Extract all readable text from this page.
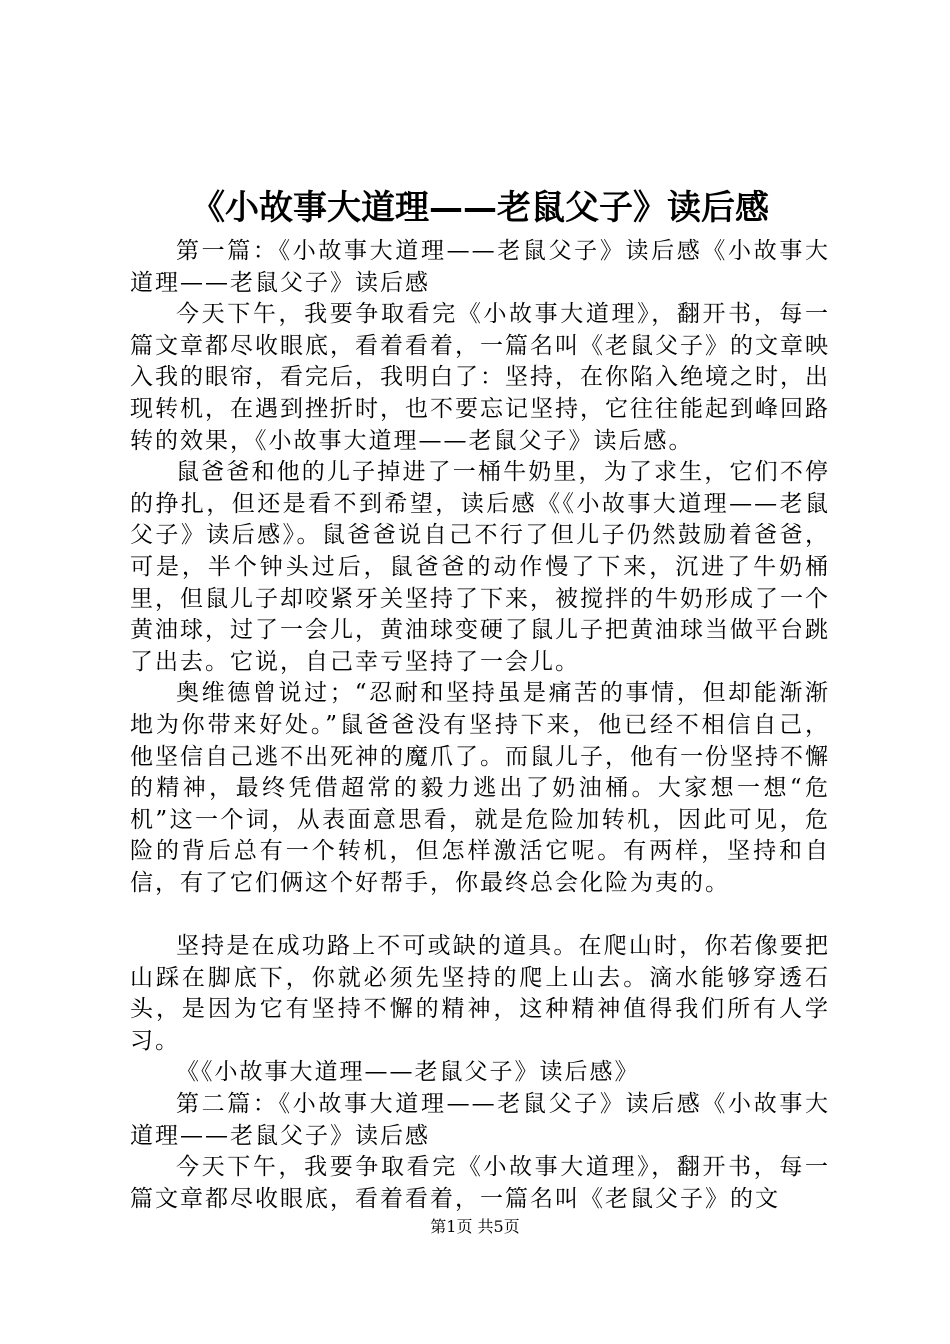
《小故事大道理——老鼠父子》读后感

第一篇：《小故事大道理——老鼠父子》读后感《小故事大道理——老鼠父子》读后感

今天下午，我要争取看完《小故事大道理》，翻开书，每一篇文章都尽收眼底，看着看着，一篇名叫《老鼠父子》的文章映入我的眼帘，看完后，我明白了：坚持，在你陷入绝境之时，出现转机，在遇到挫折时，也不要忘记坚持，它往往能起到峰回路转的效果，《小故事大道理——老鼠父子》读后感。

鼠爸爸和他的儿子掉进了一桶牛奶里，为了求生，它们不停的挣扎，但还是看不到希望，读后感《《小故事大道理——老鼠父子》读后感》。鼠爸爸说自己不行了但儿子仍然鼓励着爸爸，可是，半个钟头过后，鼠爸爸的动作慢了下来，沉进了牛奶桶里，但鼠儿子却咬紧牙关坚持了下来，被搅拌的牛奶形成了一个黄油球，过了一会儿，黄油球变硬了鼠儿子把黄油球当做平台跳了出去。它说，自己幸亏坚持了一会儿。

奥维德曾说过；“忍耐和坚持虽是痛苦的事情，但却能渐渐地为你带来好处。”鼠爸爸没有坚持下来，他已经不相信自己，他坚信自己逃不出死神的魔爪了。而鼠儿子，他有一份坚持不懈的精神，最终凭借超常的毅力逃出了奶油桶。大家想一想“危机”这一个词，从表面意思看，就是危险加转机，因此可见，危险的背后总有一个转机，但怎样激活它呢。有两样，坚持和自信，有了它们俩这个好帮手，你最终总会化险为夷的。

坚持是在成功路上不可或缺的道具。在爬山时，你若像要把山踩在脚底下，你就必须先坚持的爬上山去。滴水能够穿透石头，是因为它有坚持不懈的精神，这种精神值得我们所有人学习。

《《小故事大道理——老鼠父子》读后感》

第二篇：《小故事大道理——老鼠父子》读后感《小故事大道理——老鼠父子》读后感

今天下午，我要争取看完《小故事大道理》，翻开书，每一篇文章都尽收眼底，看着看着，一篇名叫《老鼠父子》的文

第1页 共5页
